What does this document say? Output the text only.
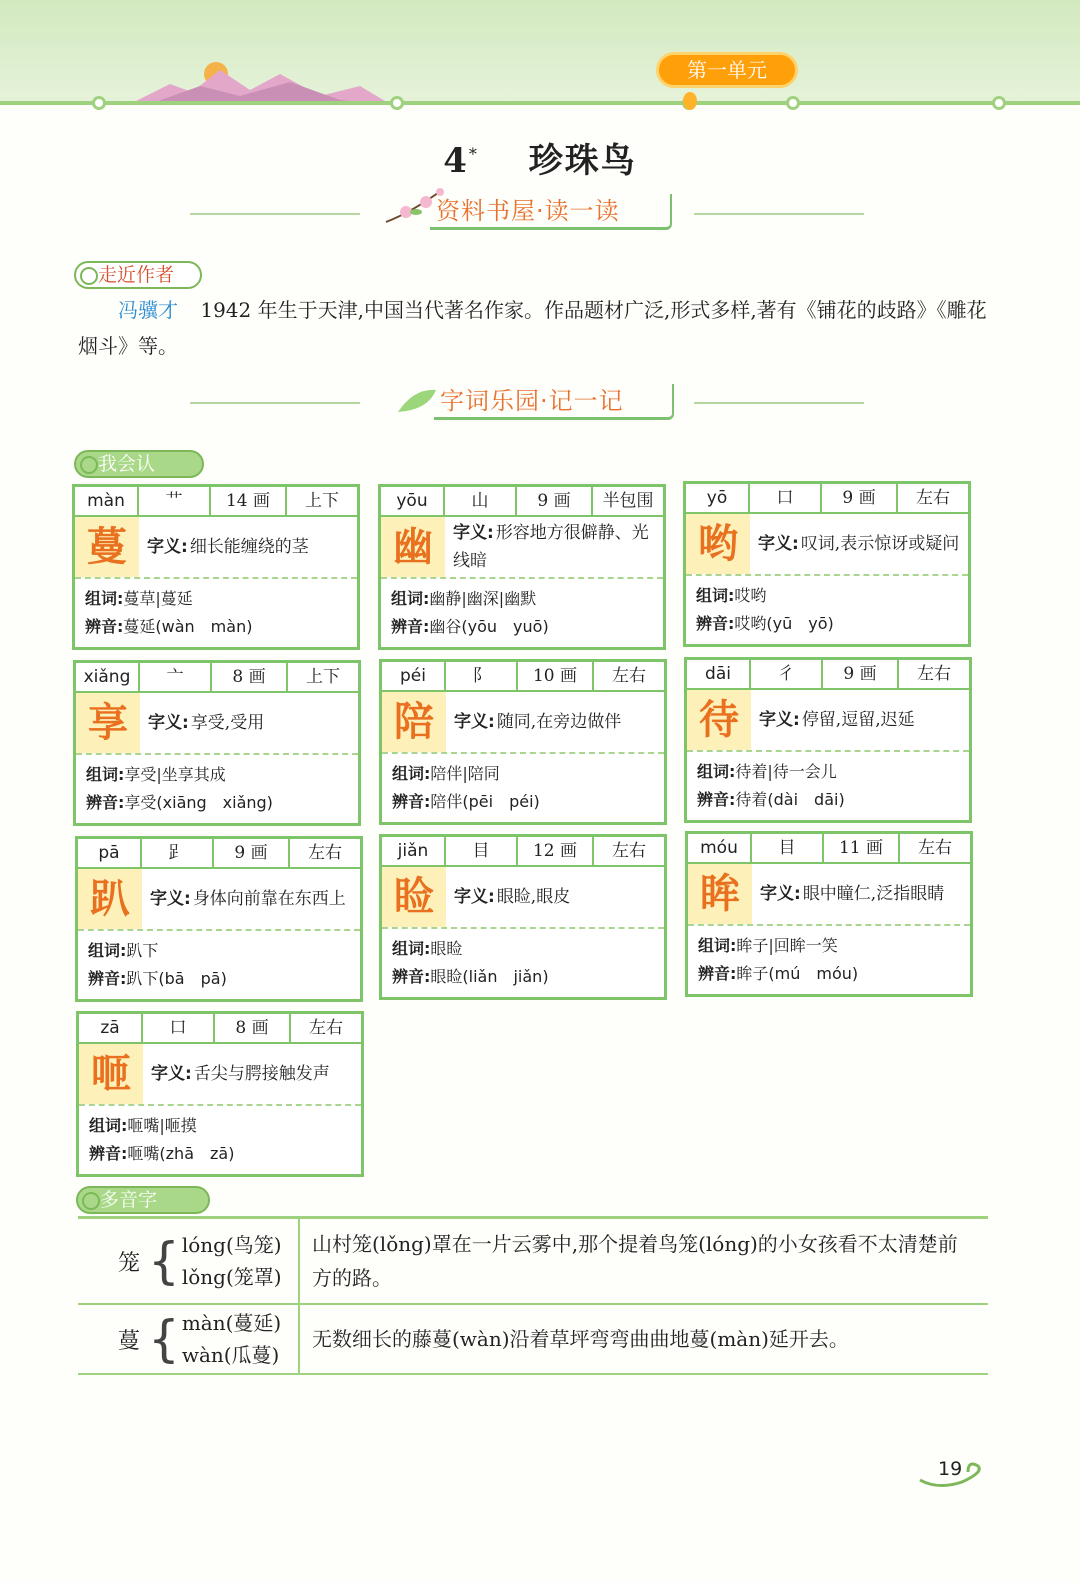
第一单元
4* 珍珠鸟
资料书屋·读一读
走近作者
冯骥才 1942 年生于天津,中国当代著名作家。作品题材广泛,形式多样,著有《铺花的歧路》《雕花烟斗》等。
字词乐园·记一记
我会认
màn	艹	14 画	上下
蔓	字义: 细长能缠绕的茎
组词:蔓草|蔓延
辨音:蔓延(wàn　màn)
yōu	山	9 画	半包围
幽	字义: 形容地方很僻静、光线暗
组词:幽静|幽深|幽默
辨音:幽谷(yōu　yuō)
yō	口	9 画	左右
哟	字义: 叹词,表示惊讶或疑问
组词:哎哟
辨音:哎哟(yū　yō)
xiǎng	亠	8 画	上下
享	字义: 享受,受用
组词:享受|坐享其成
辨音:享受(xiāng　xiǎng)
péi	阝	10 画	左右
陪	字义: 随同,在旁边做伴
组词:陪伴|陪同
辨音:陪伴(pēi　péi)
dāi	彳	9 画	左右
待	字义: 停留,逗留,迟延
组词:待着|待一会儿
辨音:待着(dài　dāi)
pā	𧾷	9 画	左右
趴	字义: 身体向前靠在东西上
组词:趴下
辨音:趴下(bā　pā)
jiǎn	目	12 画	左右
睑	字义: 眼睑,眼皮
组词:眼睑
辨音:眼睑(liǎn　jiǎn)
móu	目	11 画	左右
眸	字义: 眼中瞳仁,泛指眼睛
组词:眸子|回眸一笑
辨音:眸子(mú　móu)
zā	口	8 画	左右
咂	字义: 舌尖与腭接触发声
组词:咂嘴|咂摸
辨音:咂嘴(zhā　zā)
多音字
笼 { lóng(鸟笼)
lǒng(笼罩)
山村笼(lǒng)罩在一片云雾中,那个提着鸟笼(lóng)的小女孩看不太清楚前方的路。
蔓 { màn(蔓延)
wàn(瓜蔓)
无数细长的藤蔓(wàn)沿着草坪弯弯曲曲地蔓(màn)延开去。
19
